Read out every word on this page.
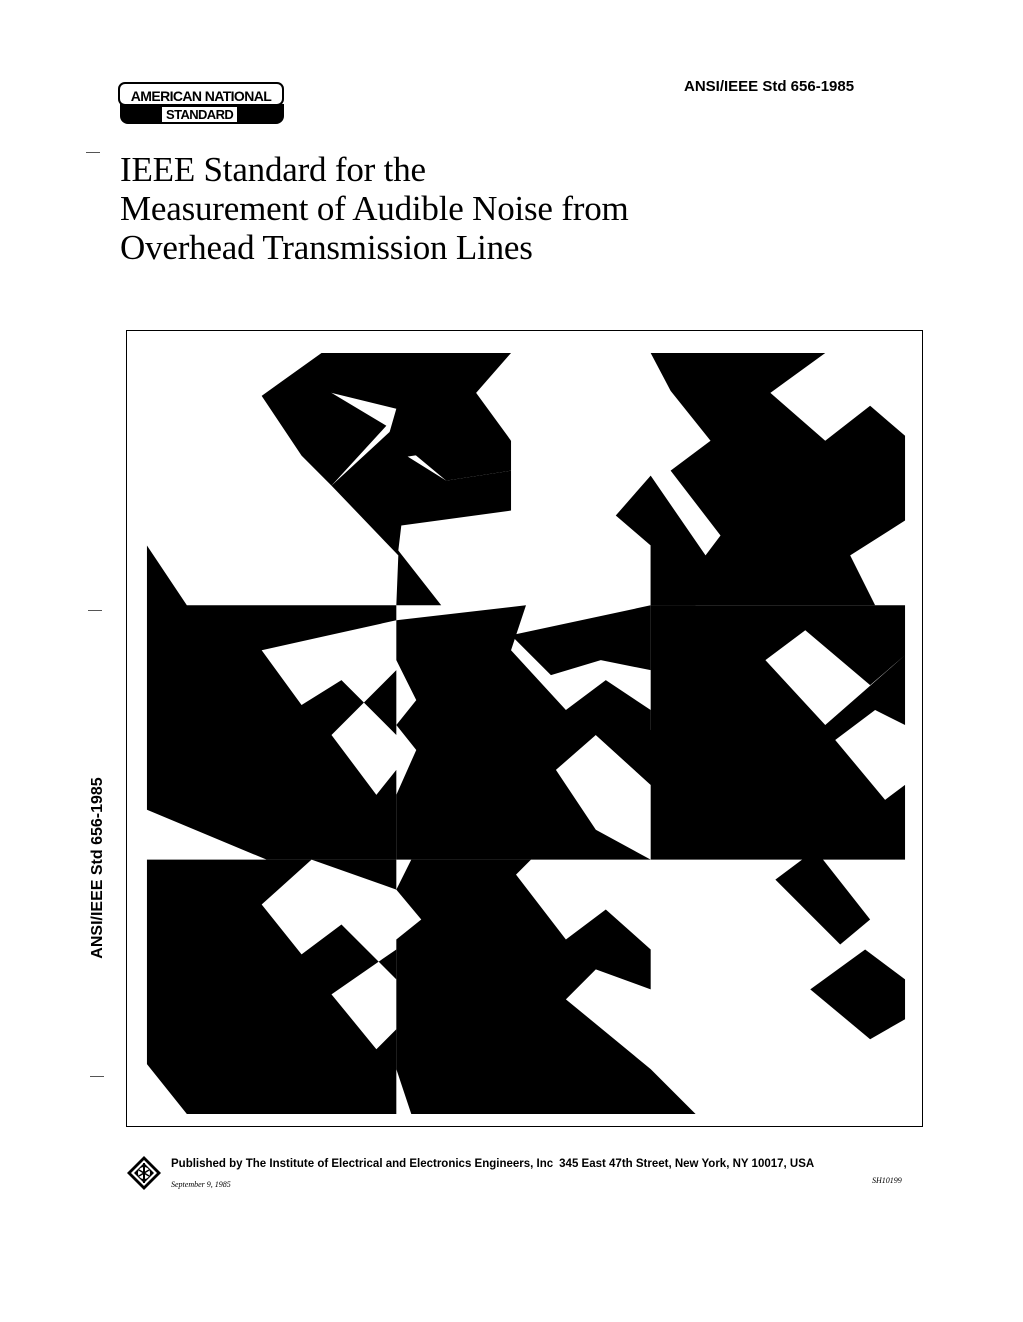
AMERICAN NATIONAL
STANDARD
ANSI/IEEE Std 656-1985
IEEE Standard for the
Measurement of Audible Noise from
Overhead Transmission Lines
ANSI/IEEE Std 656-1985
Published by The Institute of Electrical and Electronics Engineers, Inc 345 East 47th Street, New York, NY 10017, USA
September 9, 1985	SH10199
